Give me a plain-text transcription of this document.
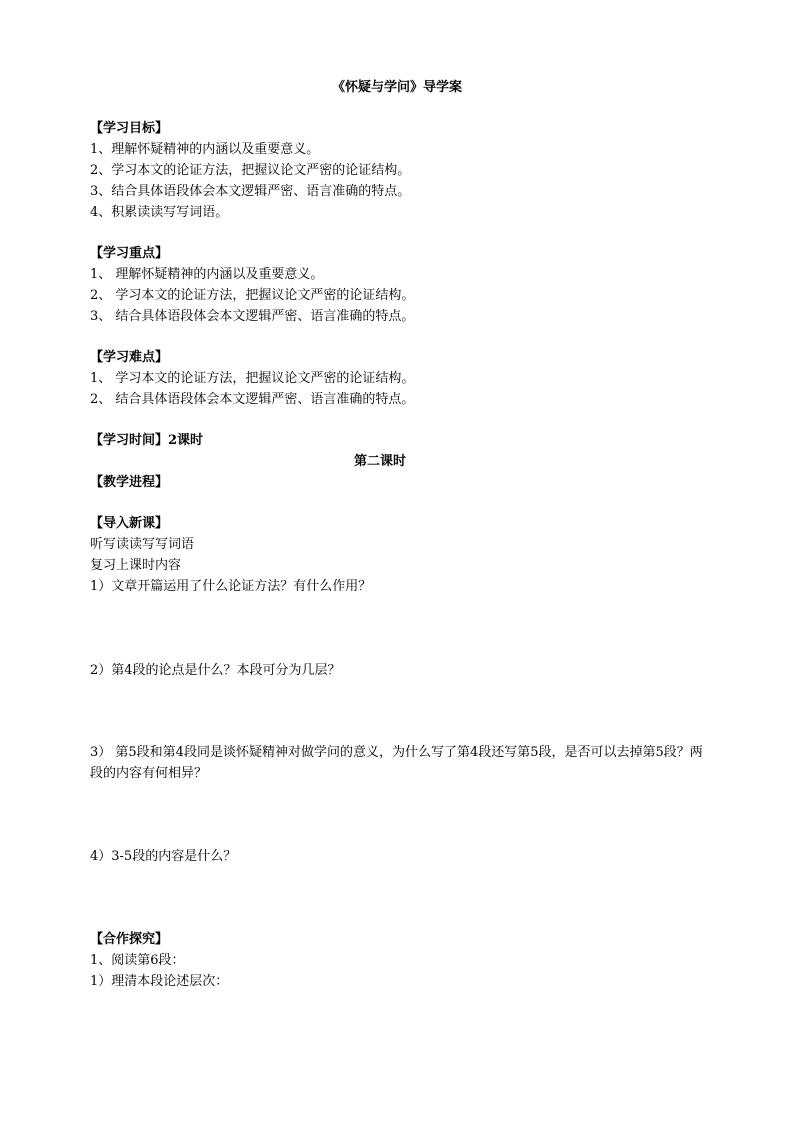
《怀疑与学问》导学案
【学习目标】
1、理解怀疑精神的内涵以及重要意义。
2、学习本文的论证方法，把握议论文严密的论证结构。
3、结合具体语段体会本文逻辑严密、语言准确的特点。
4、积累读读写写词语。
【学习重点】
1、 理解怀疑精神的内涵以及重要意义。
2、 学习本文的论证方法，把握议论文严密的论证结构。
3、 结合具体语段体会本文逻辑严密、语言准确的特点。
【学习难点】
1、 学习本文的论证方法，把握议论文严密的论证结构。
2、 结合具体语段体会本文逻辑严密、语言准确的特点。
【学习时间】2课时
第二课时
【教学进程】
【导入新课】
听写读读写写词语
复习上课时内容
1）文章开篇运用了什么论证方法？有什么作用？
2）第4段的论点是什么？本段可分为几层？
3） 第5段和第4段同是谈怀疑精神对做学问的意义，为什么写了第4段还写第5段，是否可以去掉第5段？两段的内容有何相异？
4）3-5段的内容是什么？
【合作探究】
1、阅读第6段：
1）理清本段论述层次：
